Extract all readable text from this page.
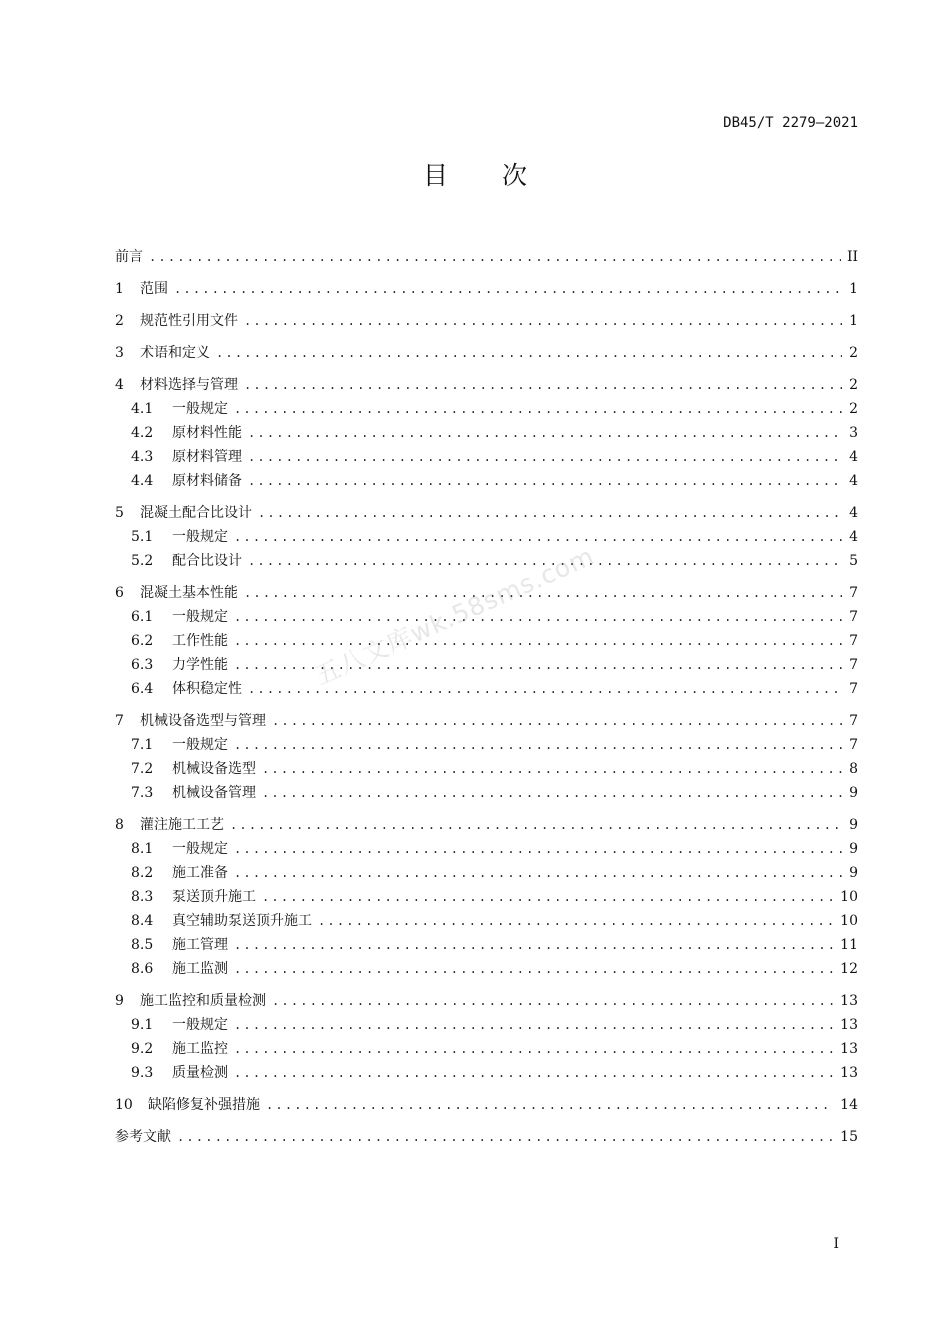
DB45/T 2279—2021
目 次
前言 .....	II
1	范围 .....	1
2	规范性引用文件 .....	1
3	术语和定义 .....	2
4	材料选择与管理 .....	2
4.1	一般规定 .....	2
4.2	原材料性能 .....	3
4.3	原材料管理 .....	4
4.4	原材料储备 .....	4
5	混凝土配合比设计 .....	4
5.1	一般规定 .....	4
5.2	配合比设计 .....	5
6	混凝土基本性能 .....	7
6.1	一般规定 .....	7
6.2	工作性能 .....	7
6.3	力学性能 .....	7
6.4	体积稳定性 .....	7
7	机械设备选型与管理 .....	7
7.1	一般规定 .....	7
7.2	机械设备选型 .....	8
7.3	机械设备管理 .....	9
8	灌注施工工艺 .....	9
8.1	一般规定 .....	9
8.2	施工准备 .....	9
8.3	泵送顶升施工 .....	10
8.4	真空辅助泵送顶升施工 .....	10
8.5	施工管理 .....	11
8.6	施工监测 .....	12
9	施工监控和质量检测 .....	13
9.1	一般规定 .....	13
9.2	施工监控 .....	13
9.3	质量检测 .....	13
10	缺陷修复补强措施 .....	14
参考文献 .....	15
五八文库wk.58sms.com
I
